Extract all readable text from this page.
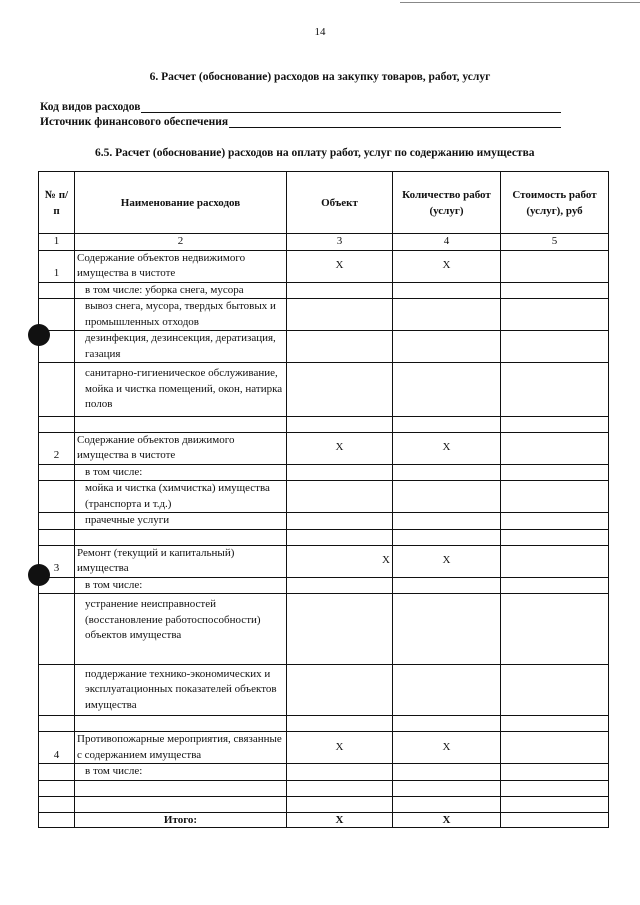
14
6. Расчет (обоснование) расходов на закупку товаров, работ, услуг
Код видов расходов
Источник финансового обеспечения
6.5. Расчет (обоснование) расходов на оплату работ, услуг по содержанию имущества
№ п/п	Наименование расходов	Объект	Количество работ (услуг)	Стоимость работ (услуг), руб
1	2	3	4	5
1	Содержание объектов недвижимого имущества в чистоте	X	X	
	в том числе: уборка снега, мусора			
	вывоз снега, мусора, твердых бытовых и промышленных отходов			
	дезинфекция, дезинсекция, дератизация, газация			
	санитарно-гигиеническое обслуживание, мойка и чистка помещений, окон, натирка полов			

2	Содержание объектов движимого имущества в чистоте	X	X	
	в том числе:			
	мойка и чистка (химчистка) имущества (транспорта и т.д.)			
	прачечные услуги			

3	Ремонт (текущий и капитальный) имущества	X	X	
	в том числе:			
	устранение неисправностей (восстановление работоспособности) объектов имущества			
	поддержание технико-экономических и эксплуатационных показателей объектов имущества			

4	Противопожарные мероприятия, связанные с содержанием имущества	X	X	
	в том числе:			

	Итого:	X	X	
